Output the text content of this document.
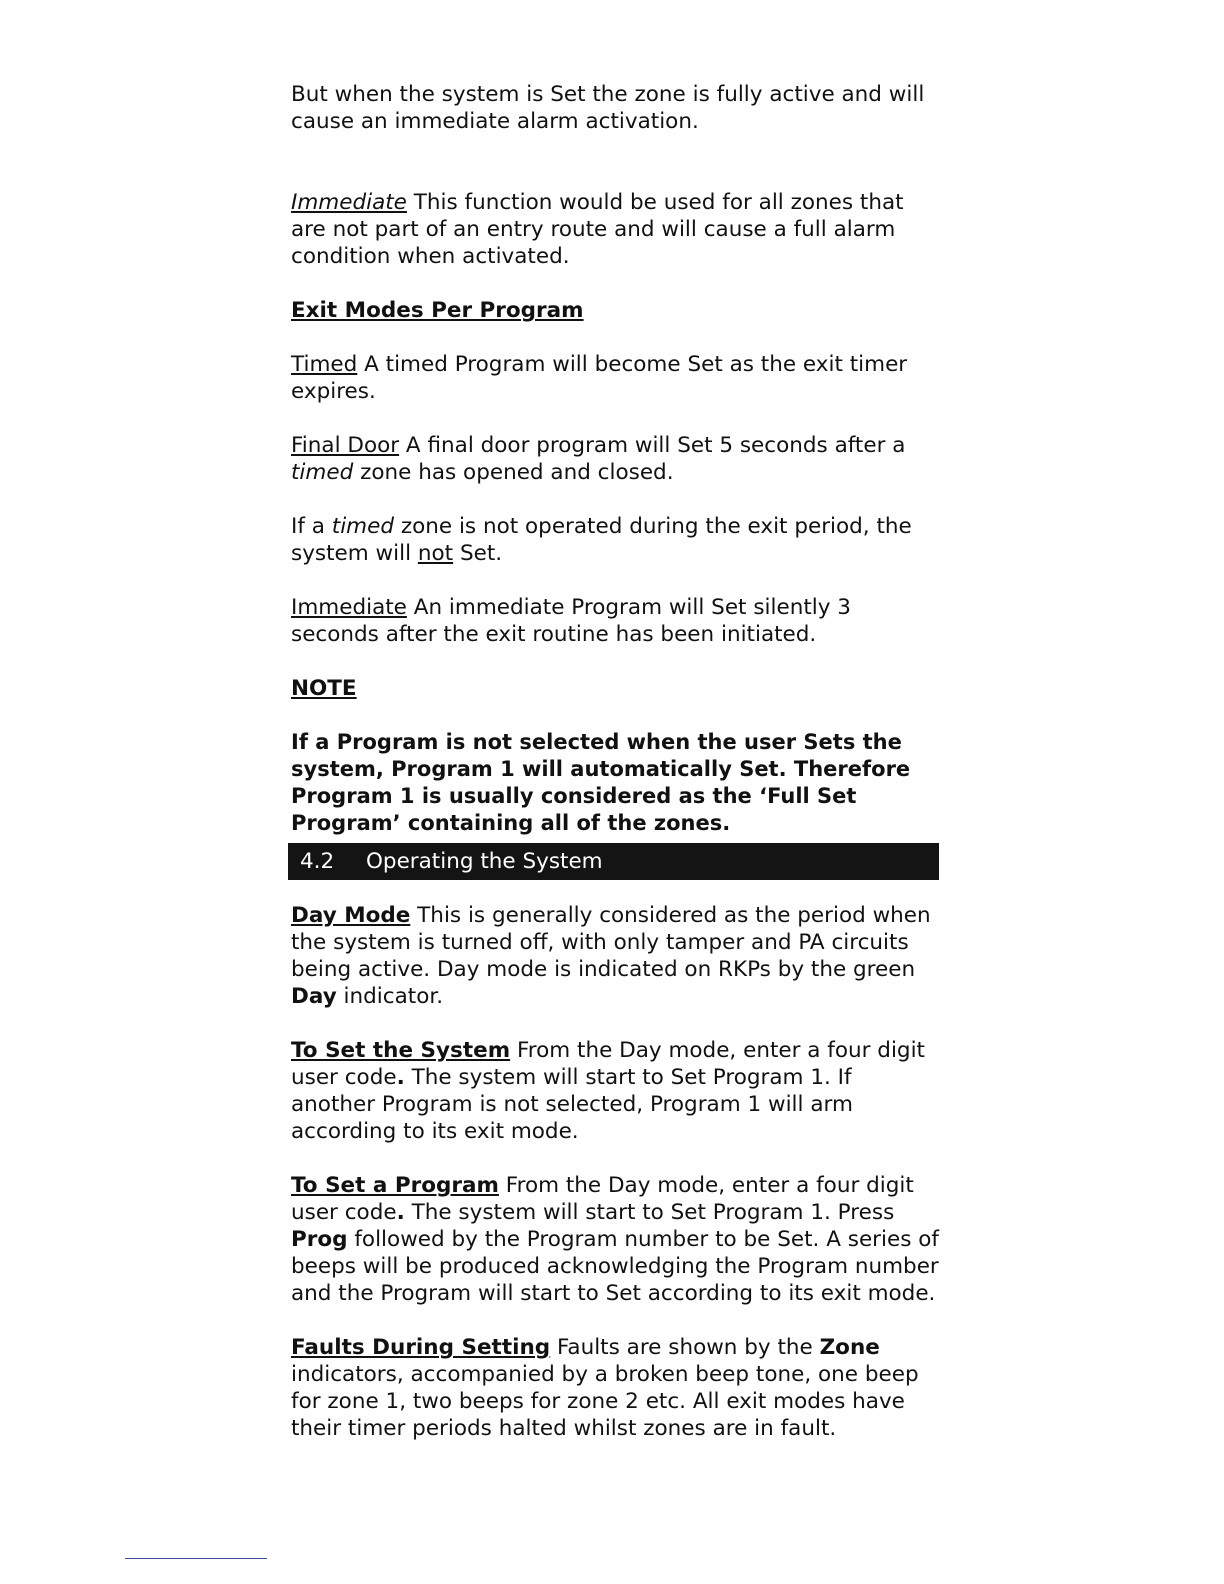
But when the system is Set the zone is fully active and will cause an immediate alarm activation.

Immediate This function would be used for all zones that are not part of an entry route and will cause a full alarm condition when activated.

Exit Modes Per Program

Timed A timed Program will become Set as the exit timer expires.

Final Door A final door program will Set 5 seconds after a timed zone has opened and closed.

If a timed zone is not operated during the exit period, the system will not Set.

Immediate An immediate Program will Set silently 3 seconds after the exit routine has been initiated.

NOTE

If a Program is not selected when the user Sets the system, Program 1 will automatically Set. Therefore Program 1 is usually considered as the ‘Full Set Program’ containing all of the zones.

4.2	Operating the System

Day Mode This is generally considered as the period when the system is turned off, with only tamper and PA circuits being active. Day mode is indicated on RKPs by the green Day indicator.

To Set the System From the Day mode, enter a four digit user code. The system will start to Set Program 1. If another Program is not selected, Program 1 will arm according to its exit mode.

To Set a Program From the Day mode, enter a four digit user code. The system will start to Set Program 1. Press Prog followed by the Program number to be Set. A series of beeps will be produced acknowledging the Program number and the Program will start to Set according to its exit mode.

Faults During Setting Faults are shown by the Zone indicators, accompanied by a broken beep tone, one beep for zone 1, two beeps for zone 2 etc. All exit modes have their timer periods halted whilst zones are in fault.
